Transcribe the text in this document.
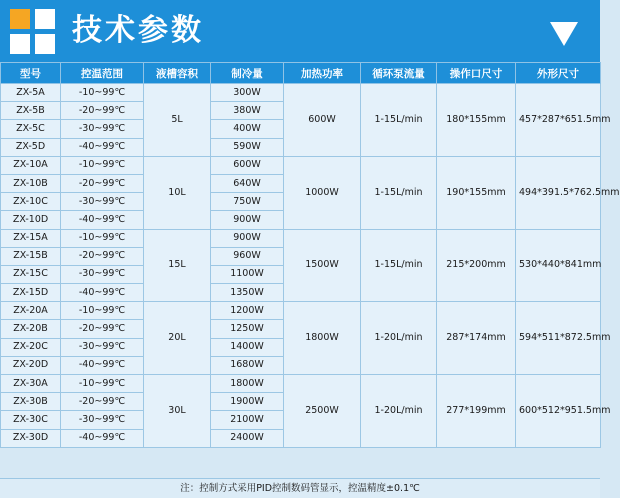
技术参数
型号	控温范围	液槽容积	制冷量	加热功率	循环泵流量	操作口尺寸	外形尺寸
ZX-5A	-10~99℃	5L	300W	600W	1-15L/min	180*155mm	457*287*651.5mm
ZX-5B	-20~99℃		380W				
ZX-5C	-30~99℃		400W				
ZX-5D	-40~99℃		590W				
ZX-10A	-10~99℃	10L	600W	1000W	1-15L/min	190*155mm	494*391.5*762.5mm
ZX-10B	-20~99℃		640W				
ZX-10C	-30~99℃		750W				
ZX-10D	-40~99℃		900W				
ZX-15A	-10~99℃	15L	900W	1500W	1-15L/min	215*200mm	530*440*841mm
ZX-15B	-20~99℃		960W				
ZX-15C	-30~99℃		1100W				
ZX-15D	-40~99℃		1350W				
ZX-20A	-10~99℃	20L	1200W	1800W	1-20L/min	287*174mm	594*511*872.5mm
ZX-20B	-20~99℃		1250W				
ZX-20C	-30~99℃		1400W				
ZX-20D	-40~99℃		1680W				
ZX-30A	-10~99℃	30L	1800W	2500W	1-20L/min	277*199mm	600*512*951.5mm
ZX-30B	-20~99℃		1900W				
ZX-30C	-30~99℃		2100W				
ZX-30D	-40~99℃		2400W				
注：控制方式采用PID控制数码管显示，控温精度±0.1℃
